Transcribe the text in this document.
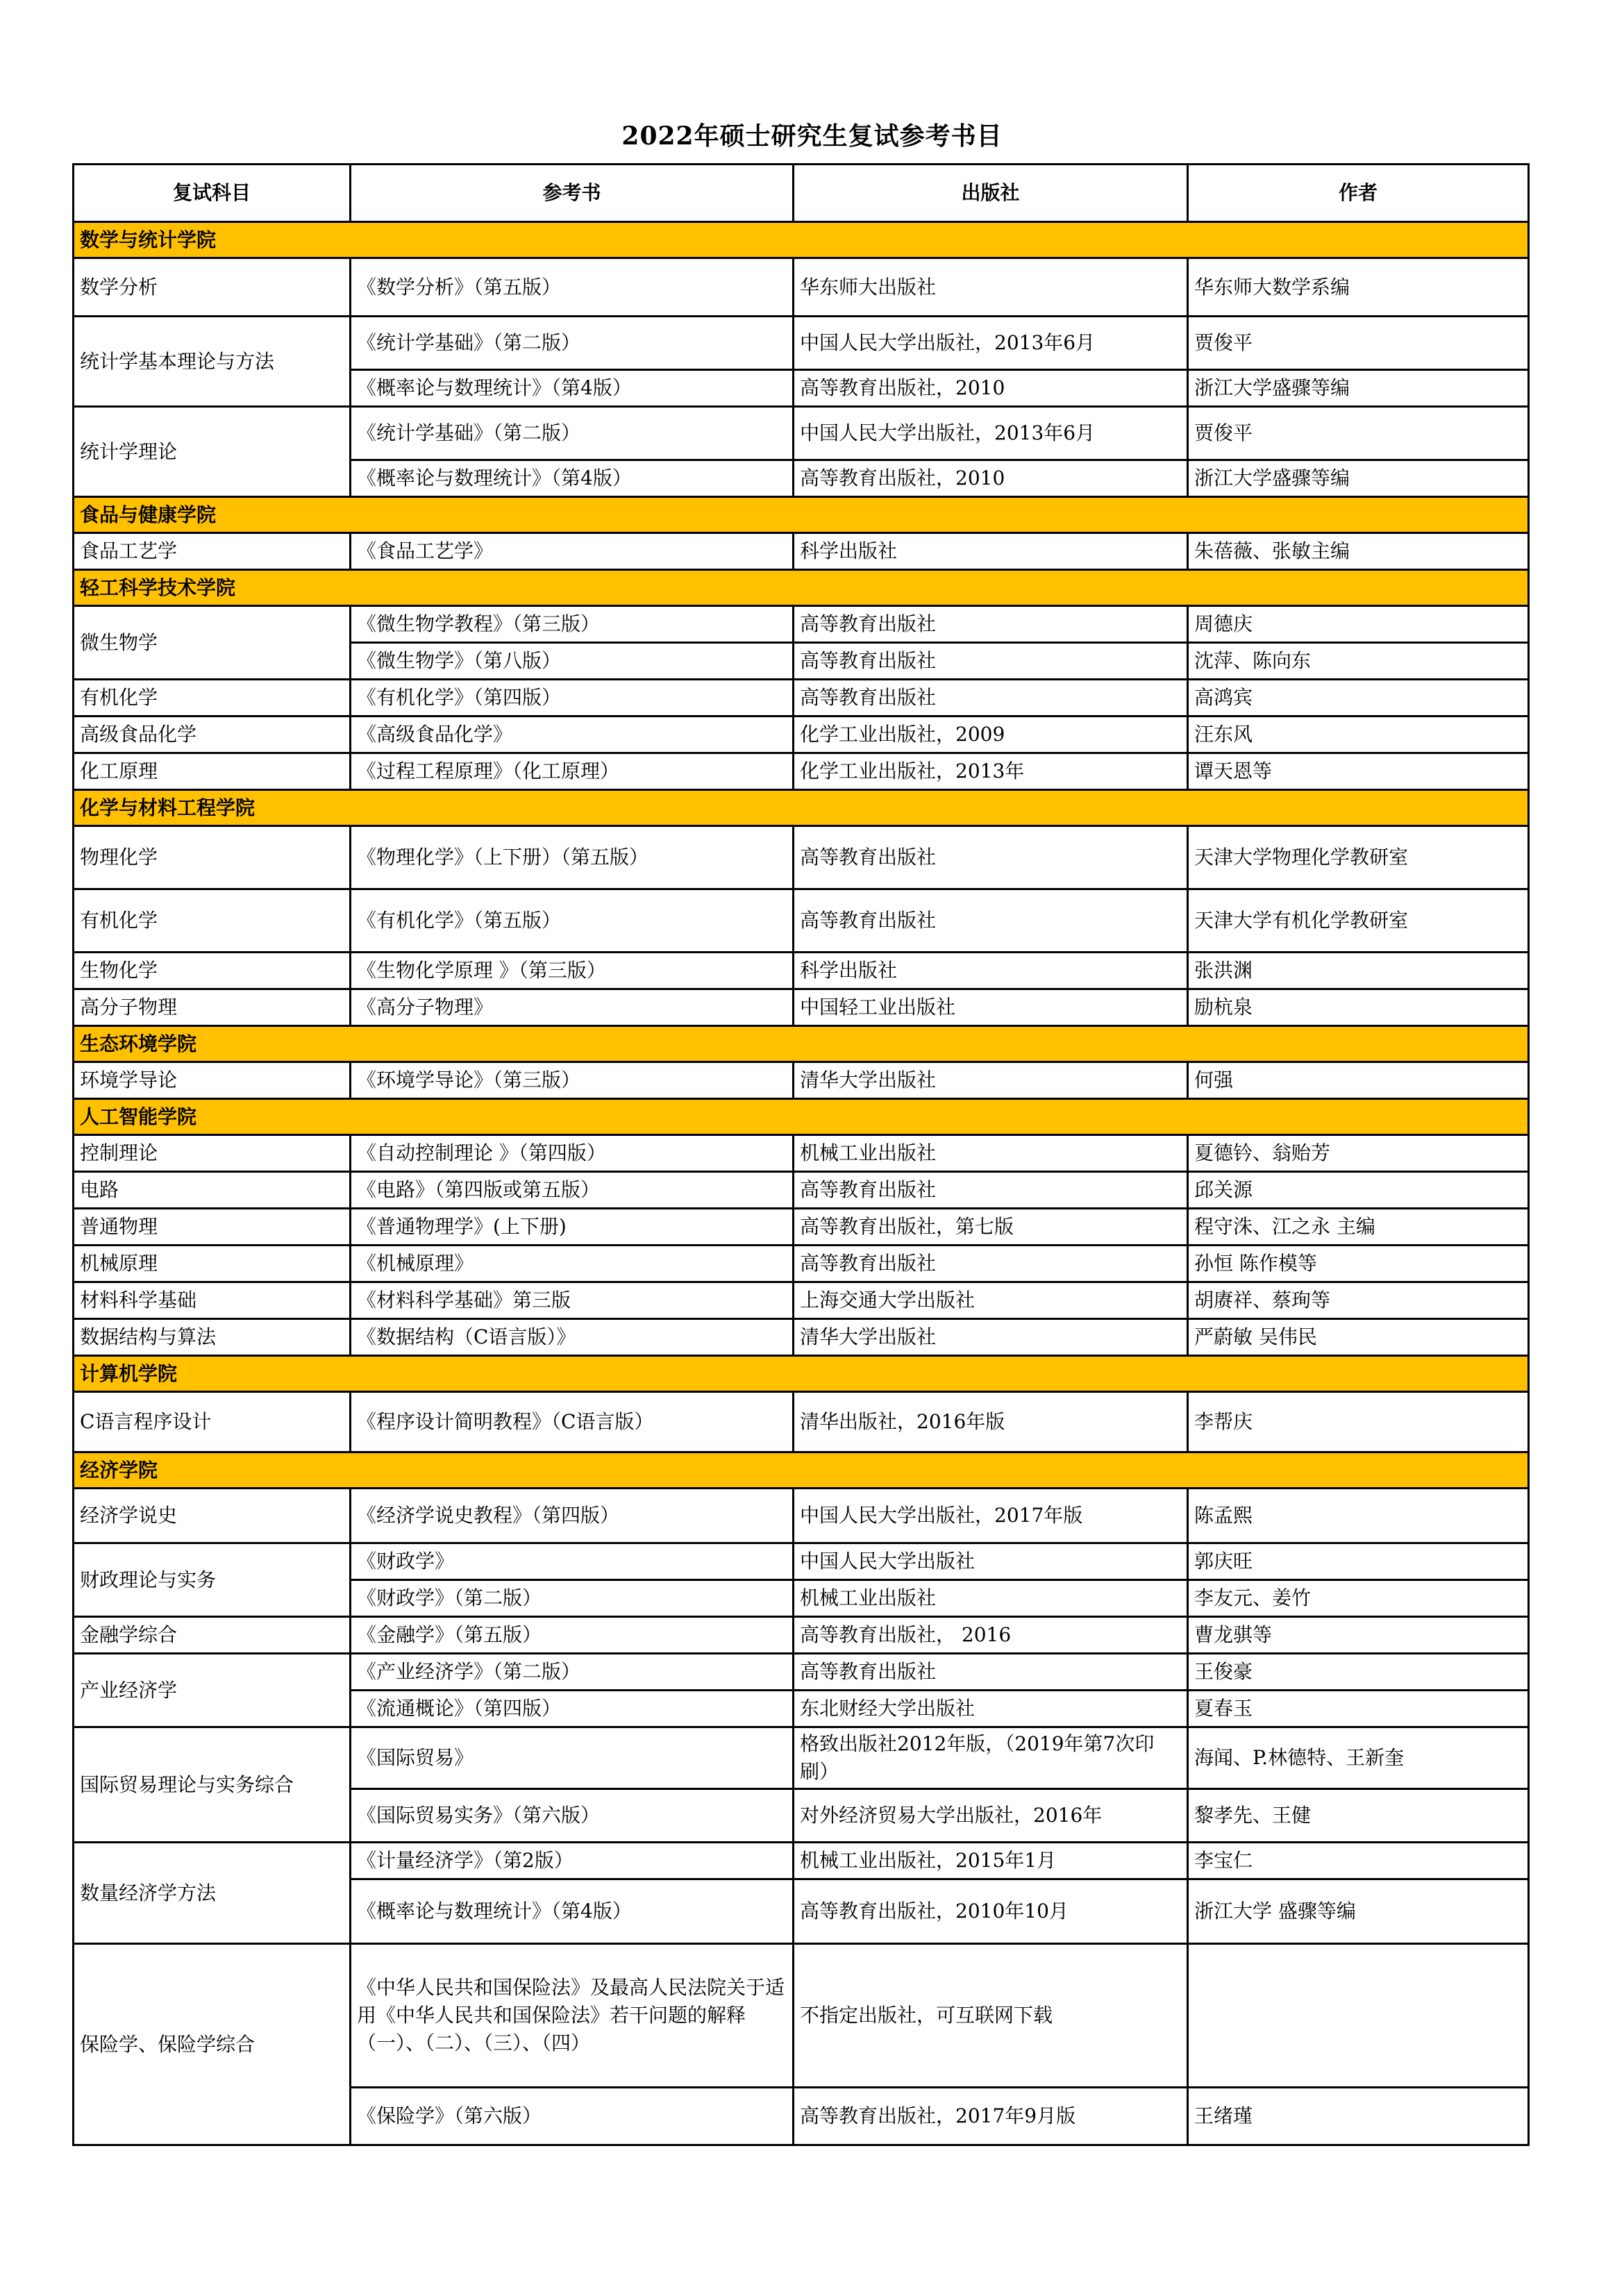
2022年硕士研究生复试参考书目
复试科目	参考书	出版社	作者
数学与统计学院			
数学分析	《数学分析》（第五版）	华东师大出版社	华东师大数学系编
统计学基本理论与方法	《统计学基础》（第二版）	中国人民大学出版社，2013年6月	贾俊平
	《概率论与数理统计》（第4版）	高等教育出版社，2010	浙江大学盛骤等编
统计学理论	《统计学基础》（第二版）	中国人民大学出版社，2013年6月	贾俊平
	《概率论与数理统计》（第4版）	高等教育出版社，2010	浙江大学盛骤等编
食品与健康学院			
食品工艺学	《食品工艺学》	科学出版社	朱蓓薇、张敏主编
轻工科学技术学院			
微生物学	《微生物学教程》（第三版）	高等教育出版社	周德庆
	《微生物学》（第八版）	高等教育出版社	沈萍、陈向东
有机化学	《有机化学》（第四版）	高等教育出版社	高鸿宾
高级食品化学	《高级食品化学》	化学工业出版社，2009	汪东风
化工原理	《过程工程原理》（化工原理）	化学工业出版社，2013年	谭天恩等
化学与材料工程学院			
物理化学	《物理化学》（上下册）（第五版）	高等教育出版社	天津大学物理化学教研室
有机化学	《有机化学》（第五版）	高等教育出版社	天津大学有机化学教研室
生物化学	《生物化学原理 》（第三版）	科学出版社	张洪渊
高分子物理	《高分子物理》	中国轻工业出版社	励杭泉
生态环境学院			
环境学导论	《环境学导论》（第三版）	清华大学出版社	何强
人工智能学院			
控制理论	《自动控制理论 》（第四版）	机械工业出版社	夏德钤、翁贻芳
电路	《电路》（第四版或第五版）	高等教育出版社	邱关源
普通物理	《普通物理学》(上下册)	高等教育出版社，第七版	程守洙、江之永 主编
机械原理	《机械原理》	高等教育出版社	孙恒 陈作模等
材料科学基础	《材料科学基础》第三版	上海交通大学出版社	胡赓祥、蔡珣等
数据结构与算法	《数据结构（C语言版）》	清华大学出版社	严蔚敏 吴伟民
计算机学院			
C语言程序设计	《程序设计简明教程》（C语言版）	清华出版社，2016年版	李帮庆
经济学院			
经济学说史	《经济学说史教程》（第四版）	中国人民大学出版社，2017年版	陈孟熙
财政理论与实务	《财政学》	中国人民大学出版社	郭庆旺
	《财政学》（第二版）	机械工业出版社	李友元、姜竹
金融学综合	《金融学》（第五版）	高等教育出版社， 2016	曹龙骐等
产业经济学	《产业经济学》（第二版）	高等教育出版社	王俊豪
	《流通概论》（第四版）	东北财经大学出版社	夏春玉
国际贸易理论与实务综合	《国际贸易》	格致出版社2012年版，（2019年第7次印刷）	海闻、P.林德特、王新奎
	《国际贸易实务》（第六版）	对外经济贸易大学出版社，2016年	黎孝先、王健
数量经济学方法	《计量经济学》（第2版）	机械工业出版社，2015年1月	李宝仁
	《概率论与数理统计》（第4版）	高等教育出版社，2010年10月	浙江大学 盛骤等编
保险学、保险学综合	《中华人民共和国保险法》及最高人民法院关于适用《中华人民共和国保险法》若干问题的解释（一）、（二）、（三）、（四）	不指定出版社，可互联网下载	
	《保险学》（第六版）	高等教育出版社，2017年9月版	王绪瑾
